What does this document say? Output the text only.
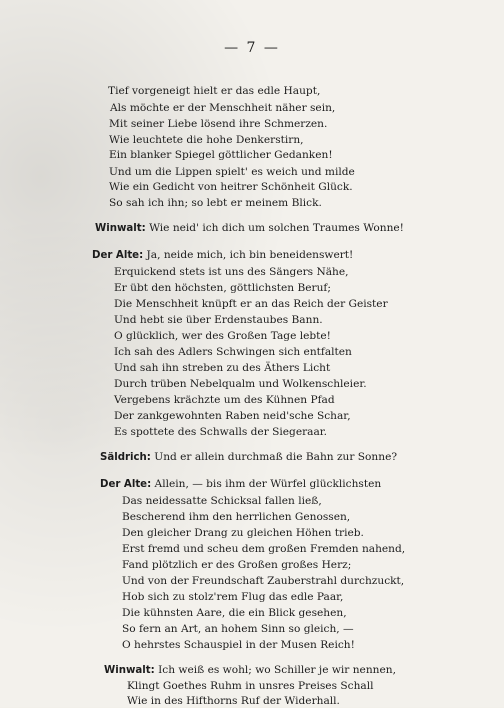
— 7 —
Tief vorgeneigt hielt er das edle Haupt,
Als möchte er der Menschheit näher sein,
Mit seiner Liebe lösend ihre Schmerzen.
Wie leuchtete die hohe Denkerstirn,
Ein blanker Spiegel göttlicher Gedanken!
Und um die Lippen spielt' es weich und milde
Wie ein Gedicht von heitrer Schönheit Glück.
So sah ich ihn; so lebt er meinem Blick.
Winwalt: Wie neid' ich dich um solchen Traumes Wonne!
Der Alte: Ja, neide mich, ich bin beneidenswert!
Erquickend stets ist uns des Sängers Nähe,
Er übt den höchsten, göttlichsten Beruf;
Die Menschheit knüpft er an das Reich der Geister
Und hebt sie über Erdenstaubes Bann.
O glücklich, wer des Großen Tage lebte!
Ich sah des Adlers Schwingen sich entfalten
Und sah ihn streben zu des Äthers Licht
Durch trüben Nebelqualm und Wolkenschleier.
Vergebens krächzte um des Kühnen Pfad
Der zankgewohnten Raben neid'sche Schar,
Es spottete des Schwalls der Siegerаar.
Säldrich: Und er allein durchmaß die Bahn zur Sonne?
Der Alte: Allein, — bis ihm der Würfel glücklichsten
Das neidessatte Schicksal fallen ließ,
Bescherend ihm den herrlichen Genossen,
Den gleicher Drang zu gleichen Höhen trieb.
Erst fremd und scheu dem großen Fremden nahend,
Fand plötzlich er des Großen großes Herz;
Und von der Freundschaft Zauberstrahl durchzuckt,
Hob sich zu stolz'rem Flug das edle Paar,
Die kühnsten Aare, die ein Blick gesehen,
So fern an Art, an hohem Sinn so gleich, —
O hehrstes Schauspiel in der Musen Reich!
Winwalt: Ich weiß es wohl; wo Schiller je wir nennen,
Klingt Goethes Ruhm in unsres Preises Schall
Wie in des Hifthorns Ruf der Widerhall.
